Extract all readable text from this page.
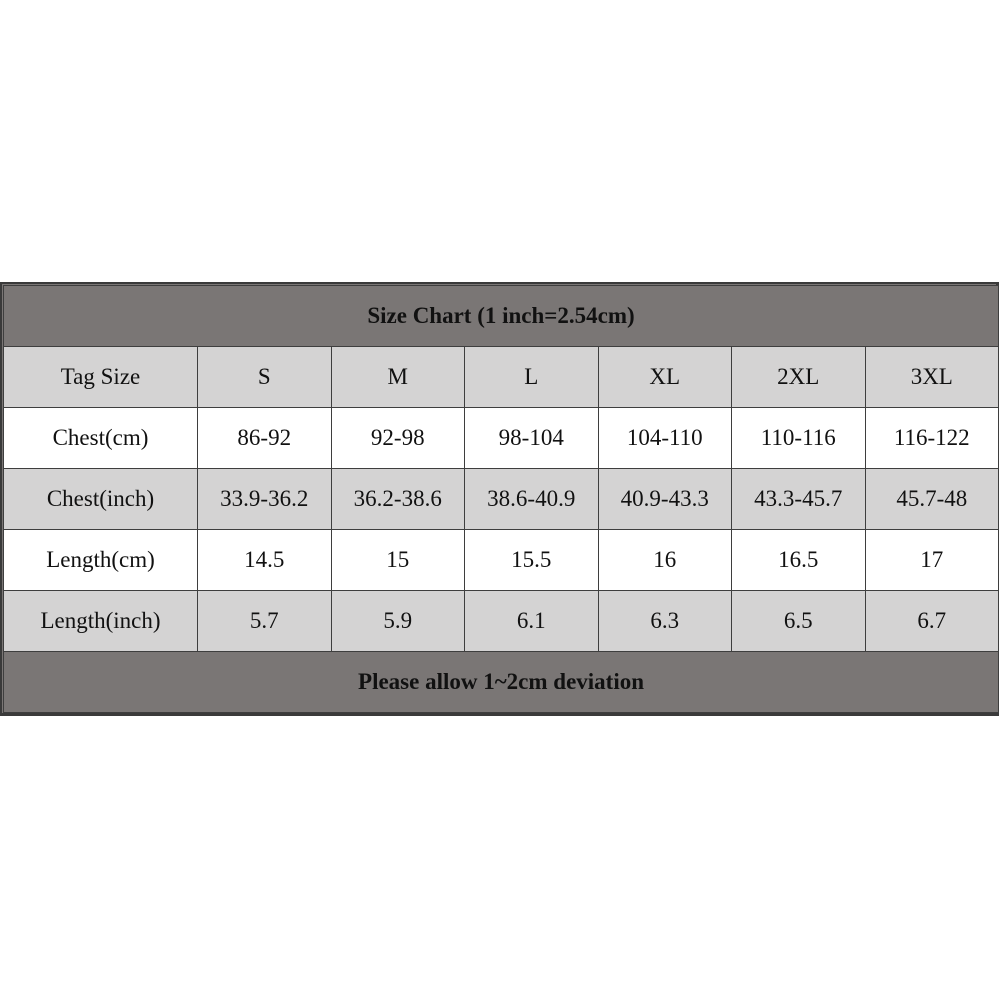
Size Chart (1 inch=2.54cm)						
Tag Size	S	M	L	XL	2XL	3XL
Chest(cm)	86-92	92-98	98-104	104-110	110-116	116-122
Chest(inch)	33.9-36.2	36.2-38.6	38.6-40.9	40.9-43.3	43.3-45.7	45.7-48
Length(cm)	14.5	15	15.5	16	16.5	17
Length(inch)	5.7	5.9	6.1	6.3	6.5	6.7
Please allow 1~2cm deviation						
